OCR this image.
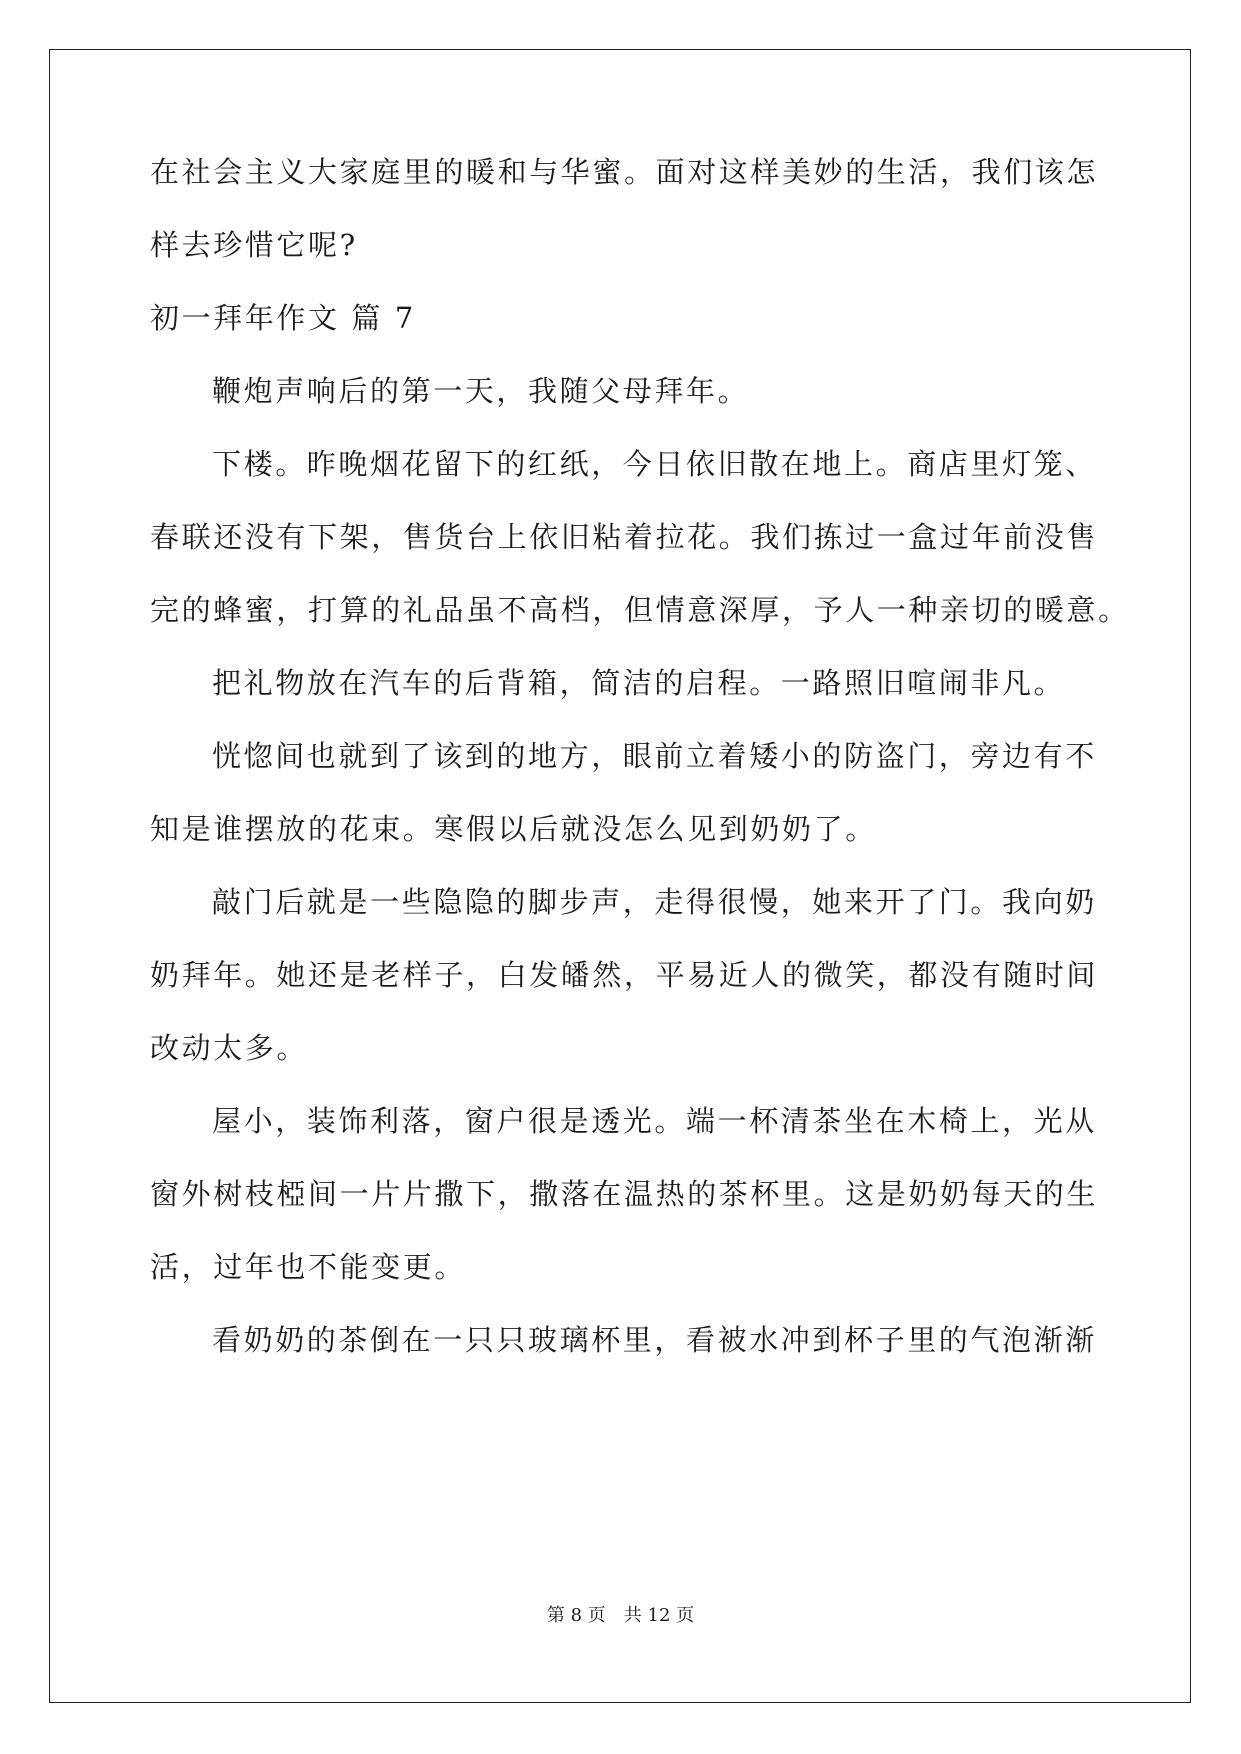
在社会主义大家庭里的暖和与华蜜。面对这样美妙的生活，我们该怎
样去珍惜它呢?
初一拜年作文 篇 7
鞭炮声响后的第一天，我随父母拜年。
下楼。昨晚烟花留下的红纸，今日依旧散在地上。商店里灯笼、
春联还没有下架，售货台上依旧粘着拉花。我们拣过一盒过年前没售
完的蜂蜜，打算的礼品虽不高档，但情意深厚，予人一种亲切的暖意。
把礼物放在汽车的后背箱，简洁的启程。一路照旧喧闹非凡。
恍惚间也就到了该到的地方，眼前立着矮小的防盗门，旁边有不
知是谁摆放的花束。寒假以后就没怎么见到奶奶了。
敲门后就是一些隐隐的脚步声，走得很慢，她来开了门。我向奶
奶拜年。她还是老样子，白发皤然，平易近人的微笑，都没有随时间
改动太多。
屋小，装饰利落，窗户很是透光。端一杯清茶坐在木椅上，光从
窗外树枝椏间一片片撒下，撒落在温热的茶杯里。这是奶奶每天的生
活，过年也不能变更。
看奶奶的茶倒在一只只玻璃杯里，看被水冲到杯子里的气泡渐渐
第 8 页 共 12 页
